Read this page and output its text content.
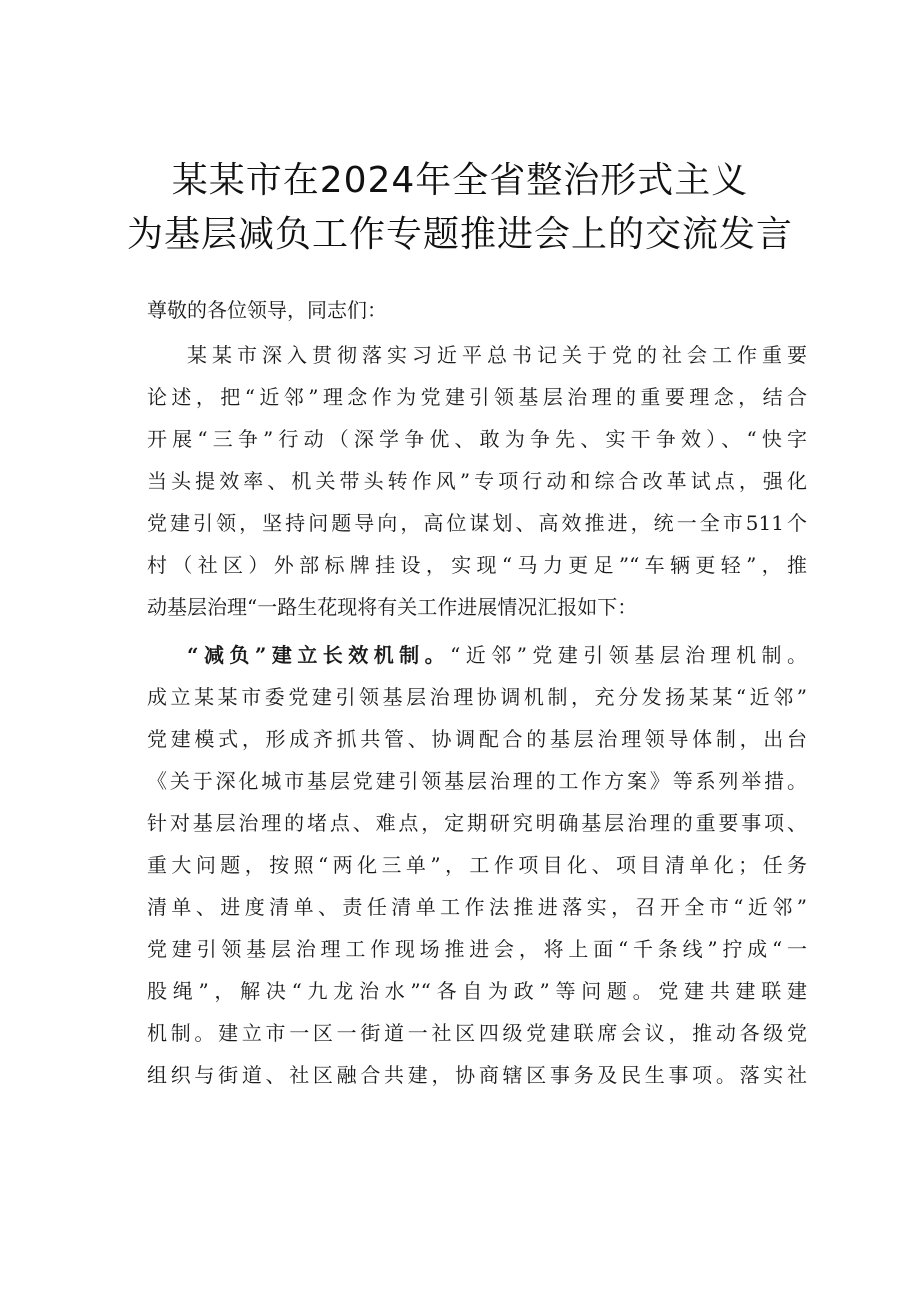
某某市在2024年全省整治形式主义
为基层减负工作专题推进会上的交流发言
尊敬的各位领导，同志们：
某某市深入贯彻落实习近平总书记关于党的社会工作重要
论述，把“近邻”理念作为党建引领基层治理的重要理念，结合
开展“三争”行动（深学争优、敢为争先、实干争效）、“快字
当头提效率、机关带头转作风”专项行动和综合改革试点，强化
党建引领，坚持问题导向，高位谋划、高效推进，统一全市511个
村（社区）外部标牌挂设，实现“马力更足”“车辆更轻”，推
动基层治理“一路生花现将有关工作进展情况汇报如下：
“减负”建立长效机制。“近邻”党建引领基层治理机制。
成立某某市委党建引领基层治理协调机制，充分发扬某某“近邻”
党建模式，形成齐抓共管、协调配合的基层治理领导体制，出台
《关于深化城市基层党建引领基层治理的工作方案》等系列举措。
针对基层治理的堵点、难点，定期研究明确基层治理的重要事项、
重大问题，按照“两化三单”，工作项目化、项目清单化；任务
清单、进度清单、责任清单工作法推进落实，召开全市“近邻”
党建引领基层治理工作现场推进会，将上面“千条线”拧成“一
股绳”，解决“九龙治水”“各自为政”等问题。党建共建联建
机制。建立市一区一街道一社区四级党建联席会议，推动各级党
组织与街道、社区融合共建，协商辖区事务及民生事项。落实社
